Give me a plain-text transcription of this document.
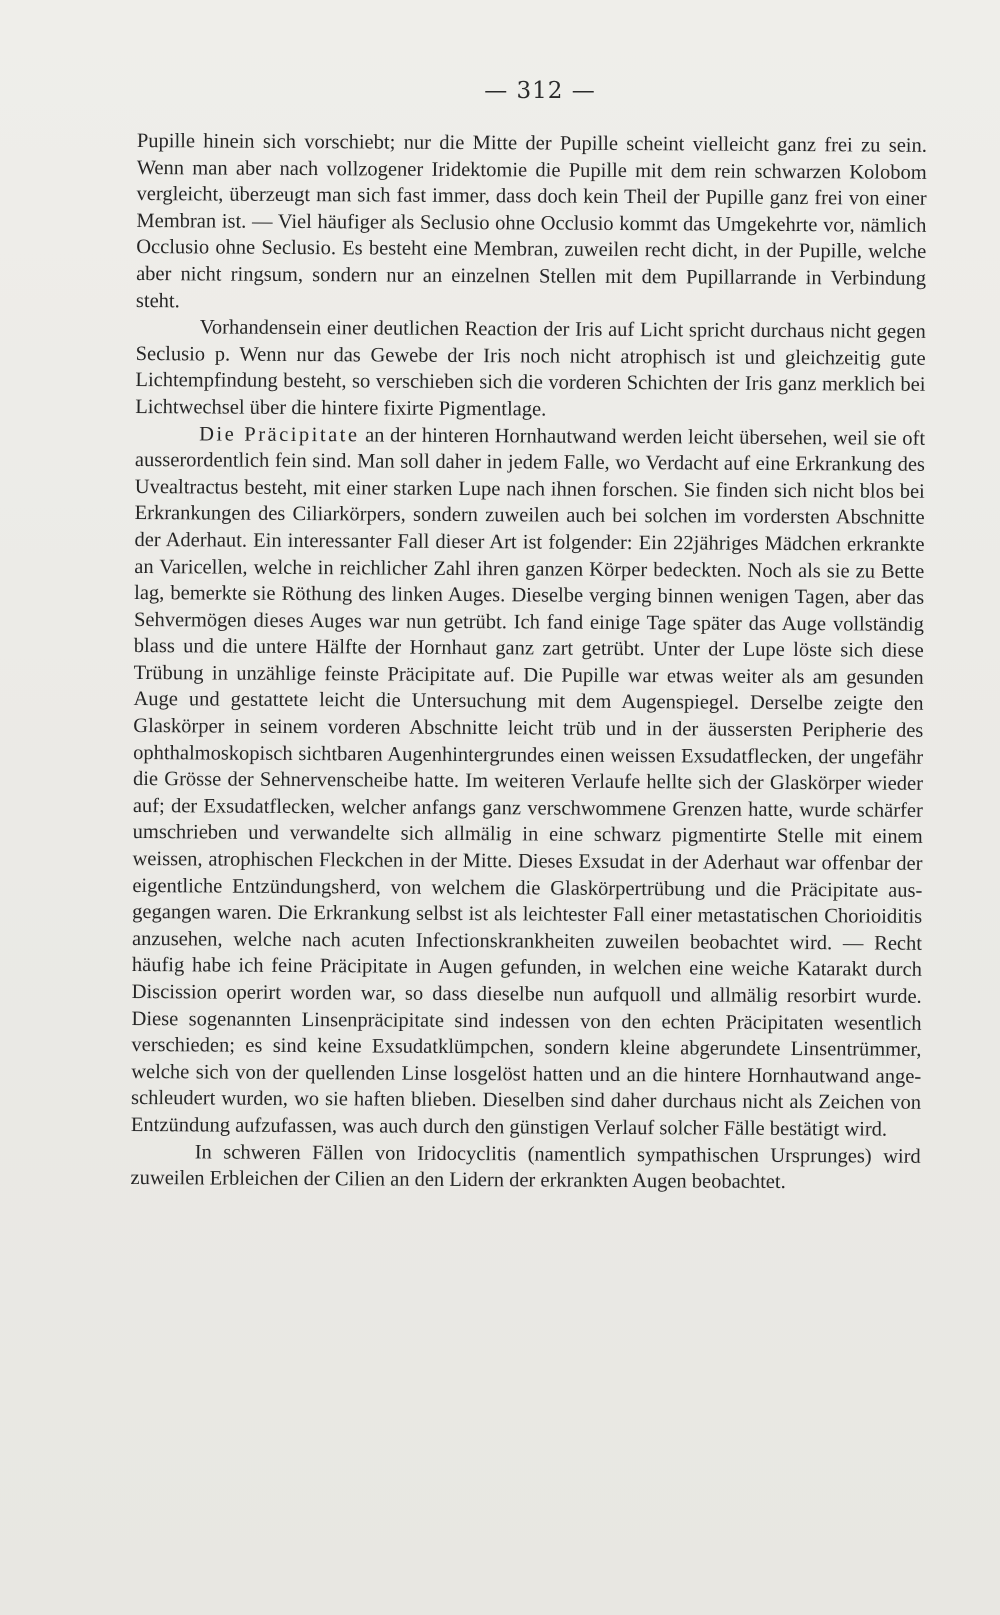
— 312 —

Pupille hinein sich vorschiebt; nur die Mitte der Pupille scheint vielleicht ganz frei zu sein. Wenn man aber nach vollzogener Iridektomie die Pupille mit dem rein schwarzen Kolobom vergleicht, überzeugt man sich fast immer, dass doch kein Theil der Pupille ganz frei von einer Membran ist. — Viel häufiger als Seclusio ohne Occlusio kommt das Umgekehrte vor, nämlich Occlusio ohne Seclusio. Es besteht eine Membran, zuweilen recht dicht, in der Pupille, welche aber nicht ringsum, sondern nur an einzelnen Stellen mit dem Pupillarrande in Verbindung steht.

Vorhandensein einer deutlichen Reaction der Iris auf Licht spricht durchaus nicht gegen Seclusio p. Wenn nur das Gewebe der Iris noch nicht atrophisch ist und gleichzeitig gute Lichtempfindung besteht, so verschieben sich die vorderen Schichten der Iris ganz merklich bei Lichtwechsel über die hintere fixirte Pigmentlage.

Die Präcipitate an der hinteren Hornhautwand werden leicht übersehen, weil sie oft ausserordentlich fein sind. Man soll daher in jedem Falle, wo Verdacht auf eine Erkrankung des Uvealtractus besteht, mit einer starken Lupe nach ihnen forschen. Sie finden sich nicht blos bei Erkrankungen des Ciliarkörpers, sondern zuweilen auch bei solchen im vordersten Abschnitte der Aderhaut. Ein interessanter Fall dieser Art ist folgender: Ein 22jähriges Mädchen erkrankte an Varicellen, welche in reichlicher Zahl ihren ganzen Körper bedeckten. Noch als sie zu Bette lag, bemerkte sie Röthung des linken Auges. Dieselbe verging binnen wenigen Tagen, aber das Sehvermögen dieses Auges war nun getrübt. Ich fand einige Tage später das Auge vollständig blass und die untere Hälfte der Hornhaut ganz zart getrübt. Unter der Lupe löste sich diese Trübung in unzählige feinste Präcipitate auf. Die Pupille war etwas weiter als am gesunden Auge und gestattete leicht die Untersuchung mit dem Augenspiegel. Derselbe zeigte den Glaskörper in seinem vorderen Abschnitte leicht trüb und in der äussersten Peripherie des ophthalmoskopisch sichtbaren Augenhintergrundes einen weissen Exsudatflecken, der ungefähr die Grösse der Sehnervenscheibe hatte. Im weiteren Verlaufe hellte sich der Glaskörper wieder auf; der Exsudatflecken, welcher anfangs ganz verschwommene Grenzen hatte, wurde schärfer umschrieben und verwandelte sich allmälig in eine schwarz pigmentirte Stelle mit einem weissen, atrophischen Fleckchen in der Mitte. Dieses Exsudat in der Aderhaut war offenbar der eigentliche Entzündungsherd, von welchem die Glaskörpertrübung und die Präcipitate ausgegangen waren. Die Erkrankung selbst ist als leichtester Fall einer metastatischen Chorioiditis anzusehen, welche nach acuten Infectionskrankheiten zuweilen beobachtet wird. — Recht häufig habe ich feine Präcipitate in Augen gefunden, in welchen eine weiche Katarakt durch Discission operirt worden war, so dass dieselbe nun aufquoll und allmälig resorbirt wurde. Diese sogenannten Linsenpräcipitate sind indessen von den echten Präcipitaten wesentlich verschieden; es sind keine Exsudatklümpchen, sondern kleine abgerundete Linsentrümmer, welche sich von der quellenden Linse losgelöst hatten und an die hintere Hornhautwand angeschleudert wurden, wo sie haften blieben. Dieselben sind daher durchaus nicht als Zeichen von Entzündung aufzufassen, was auch durch den günstigen Verlauf solcher Fälle bestätigt wird.

In schweren Fällen von Iridocyclitis (namentlich sympathischen Ursprunges) wird zuweilen Erbleichen der Cilien an den Lidern der erkrankten Augen beobachtet.
